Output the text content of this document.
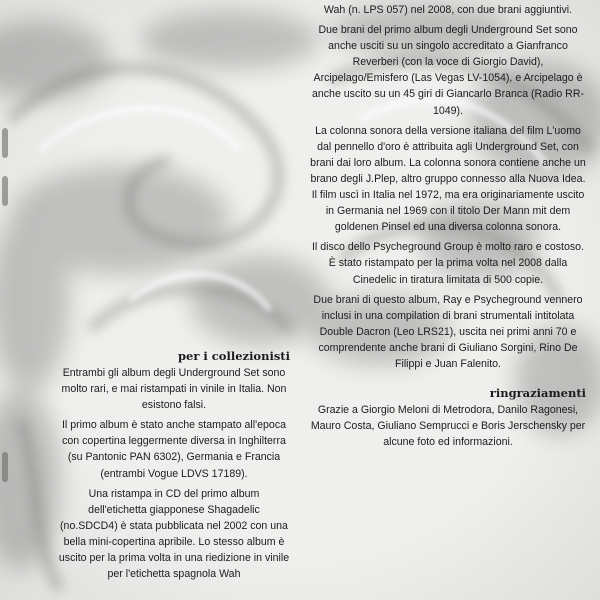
per i collezionisti

Entrambi gli album degli Underground Set sono molto rari, e mai ristampati in vinile in Italia. Non esistono falsi.

Il primo album è stato anche stampato all'epoca con copertina leggermente diversa in Inghilterra (su Pantonic PAN 6302), Germania e Francia (entrambi Vogue LDVS 17189).

Una ristampa in CD del primo album dell'etichetta giapponese Shagadelic (no.SDCD4) è stata pubblicata nel 2002 con una bella mini-copertina apribile. Lo stesso album è uscito per la prima volta in una riedizione in vinile per l'etichetta spagnola Wah

Wah (n. LPS 057) nel 2008, con due brani aggiuntivi.

Due brani del primo album degli Underground Set sono anche usciti su un singolo accreditato a Gianfranco Reverberi (con la voce di Giorgio David), Arcipelago/Emisfero (Las Vegas LV-1054), e Arcipelago è anche uscito su un 45 giri di Giancarlo Branca (Radio RR-1049).

La colonna sonora della versione italiana del film L'uomo dal pennello d'oro è attribuita agli Underground Set, con brani dai loro album. La colonna sonora contiene anche un brano degli J.Plep, altro gruppo connesso alla Nuova Idea. Il film uscì in Italia nel 1972, ma era originariamente uscito in Germania nel 1969 con il titolo Der Mann mit dem goldenen Pinsel ed una diversa colonna sonora.

Il disco dello Psycheground Group è molto raro e costoso. È stato ristampato per la prima volta nel 2008 dalla Cinedelic in tiratura limitata di 500 copie.

Due brani di questo album, Ray e Psycheground vennero inclusi in una compilation di brani strumentali intitolata Double Dacron (Leo LRS21), uscita nei primi anni 70 e comprendente anche brani di Giuliano Sorgini, Rino De Filippi e Juan Falenito.

ringraziamenti

Grazie a Giorgio Meloni di Metrodora, Danilo Ragonesi, Mauro Costa, Giuliano Semprucci e Boris Jerschensky per alcune foto ed informazioni.
